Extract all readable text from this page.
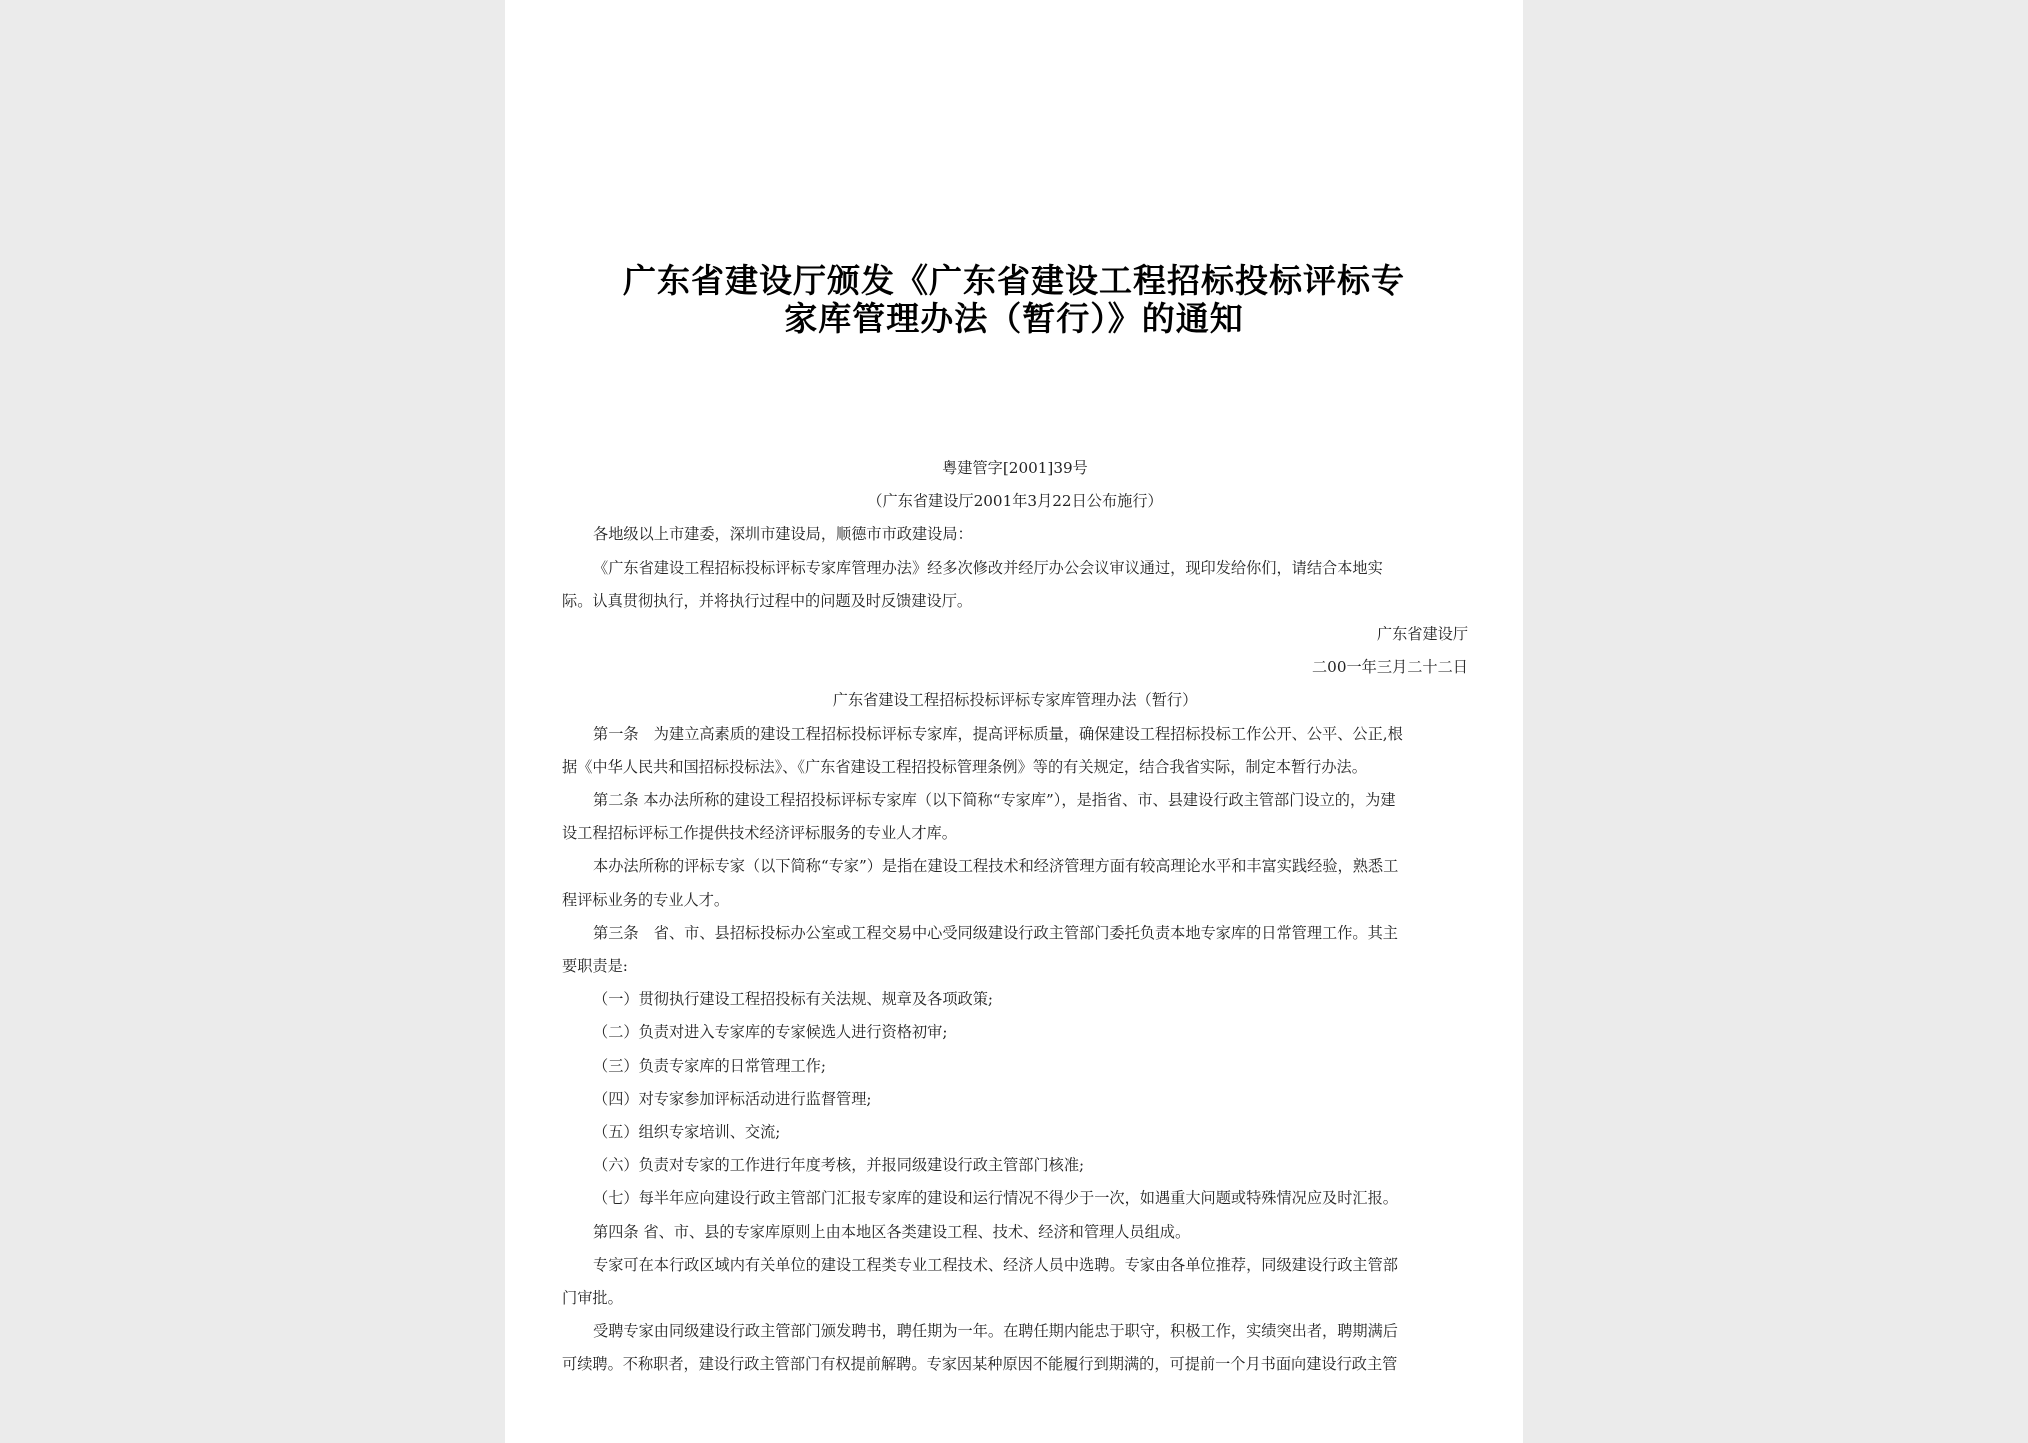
广东省建设厅颁发《广东省建设工程招标投标评标专
家库管理办法（暂行）》的通知

粤建管字[2001]39号

（广东省建设厅2001年3月22日公布施行）

各地级以上市建委，深圳市建设局，顺德市市政建设局：

《广东省建设工程招标投标评标专家库管理办法》经多次修改并经厅办公会议审议通过，现印发给你们，请结合本地实

际。认真贯彻执行，并将执行过程中的问题及时反馈建设厅。

广东省建设厅

二00一年三月二十二日

广东省建设工程招标投标评标专家库管理办法（暂行）

第一条　为建立高素质的建设工程招标投标评标专家库，提高评标质量，确保建设工程招标投标工作公开、公平、公正,根

据《中华人民共和国招标投标法》、《广东省建设工程招投标管理条例》等的有关规定，结合我省实际，制定本暂行办法。

第二条 本办法所称的建设工程招投标评标专家库（以下简称“专家库”），是指省、市、县建设行政主管部门设立的，为建

设工程招标评标工作提供技术经济评标服务的专业人才库。

本办法所称的评标专家（以下简称“专家”）是指在建设工程技术和经济管理方面有较高理论水平和丰富实践经验，熟悉工

程评标业务的专业人才。

第三条　省、市、县招标投标办公室或工程交易中心受同级建设行政主管部门委托负责本地专家库的日常管理工作。其主

要职责是:

（一）贯彻执行建设工程招投标有关法规、规章及各项政策;

（二）负责对进入专家库的专家候选人进行资格初审;

（三）负责专家库的日常管理工作;

（四）对专家参加评标活动进行监督管理;

（五）组织专家培训、交流;

（六）负责对专家的工作进行年度考核，并报同级建设行政主管部门核准;

（七）每半年应向建设行政主管部门汇报专家库的建设和运行情况不得少于一次，如遇重大问题或特殊情况应及时汇报。

第四条 省、市、县的专家库原则上由本地区各类建设工程、技术、经济和管理人员组成。

专家可在本行政区域内有关单位的建设工程类专业工程技术、经济人员中选聘。专家由各单位推荐，同级建设行政主管部

门审批。

受聘专家由同级建设行政主管部门颁发聘书，聘任期为一年。在聘任期内能忠于职守，积极工作，实绩突出者，聘期满后

可续聘。不称职者，建设行政主管部门有权提前解聘。专家因某种原因不能履行到期满的，可提前一个月书面向建设行政主管
